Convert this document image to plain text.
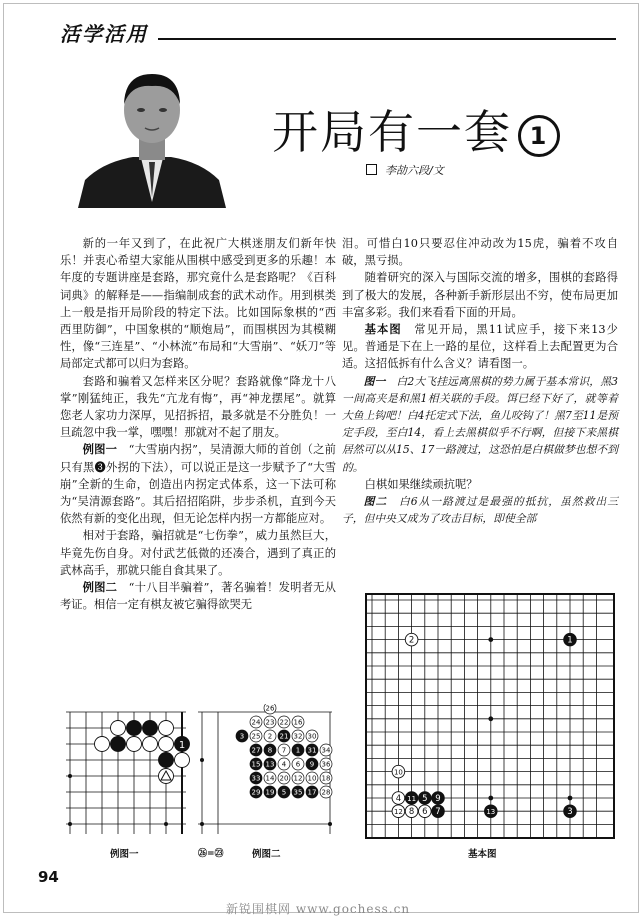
活学活用
开局有一套 1
李劼六段/文

新的一年又到了，在此祝广大棋迷朋友们新年快乐！并衷心希望大家能从围棋中感受到更多的乐趣！本年度的专题讲座是套路，那究竟什么是套路呢？《百科词典》的解释是——指编制成套的武术动作。用到棋类上一般是指开局阶段的特定下法。比如国际象棋的“西西里防御”，中国象棋的“顺炮局”，而围棋因为其模糊性，像“三连星”、“小林流”布局和“大雪崩”、“妖刀”等局部定式都可以归为套路。

套路和骗着又怎样来区分呢？套路就像“降龙十八掌”刚猛纯正，我先“亢龙有悔”，再“神龙摆尾”。就算您老人家功力深厚，见招拆招，最多就是不分胜负！一旦疏忽中我一掌，嘿嘿！那就对不起了朋友。

例图一　 “大雪崩内拐”，吴清源大师的首创（之前只有黑❸外拐的下法），可以说正是这一步赋予了“大雪崩”全新的生命，创造出内拐定式体系，这一下法可称为“吴清源套路”。其后招招陷阱，步步杀机，直到今天依然有新的变化出现，但无论怎样内拐一方都能应对。

相对于套路，骗招就是“七伤拳”，威力虽然巨大，毕竟先伤自身。对付武艺低微的还凑合，遇到了真正的武林高手，那就只能自食其果了。

例图二　 “十八目半骗着”，著名骗着！发明者无从考证。相信一定有棋友被它骗得欲哭无

泪。可惜白10只要忍住冲动改为15虎，骗着不攻自破，黑亏损。

随着研究的深入与国际交流的增多，围棋的套路得到了极大的发展，各种新手新形层出不穷，使布局更加丰富多彩。我们来看看下面的开局。

基本图　 常见开局，黑11试应手，接下来13少见。普通是下在上一路的星位，这样看上去配置更为合适。这招低拆有什么含义？请看图一。

图一　 白2大飞挂远离黑棋的势力属于基本常识，黑3一间高夹是和黑1相关联的手段。饵已经下好了，就等着大鱼上钩吧！白4托定式下法，鱼儿咬钩了！黑7至11是预定手段，至白14，看上去黑棋似乎不行啊，但接下来黑棋居然可以从15、17一路渡过，这恐怕是白棋做梦也想不到的。

白棋如果继续顽抗呢？

图二　 白6从一路渡过是最强的抵抗，虽然救出三子，但中央又成为了攻击目标，即使全部

1
例图一
26
24 23 22 16
3 25 2 21 32 30
27 8 7 1 31 34
15 13 4 6 9 36
33 14 20 12 10 18
29 19 5 35 17 28
㉖=㉓	例图二
2	1
10
4 11 5 9
12 8 6 7	13	3
基本图
94
新锐围棋网 www.gochess.cn
